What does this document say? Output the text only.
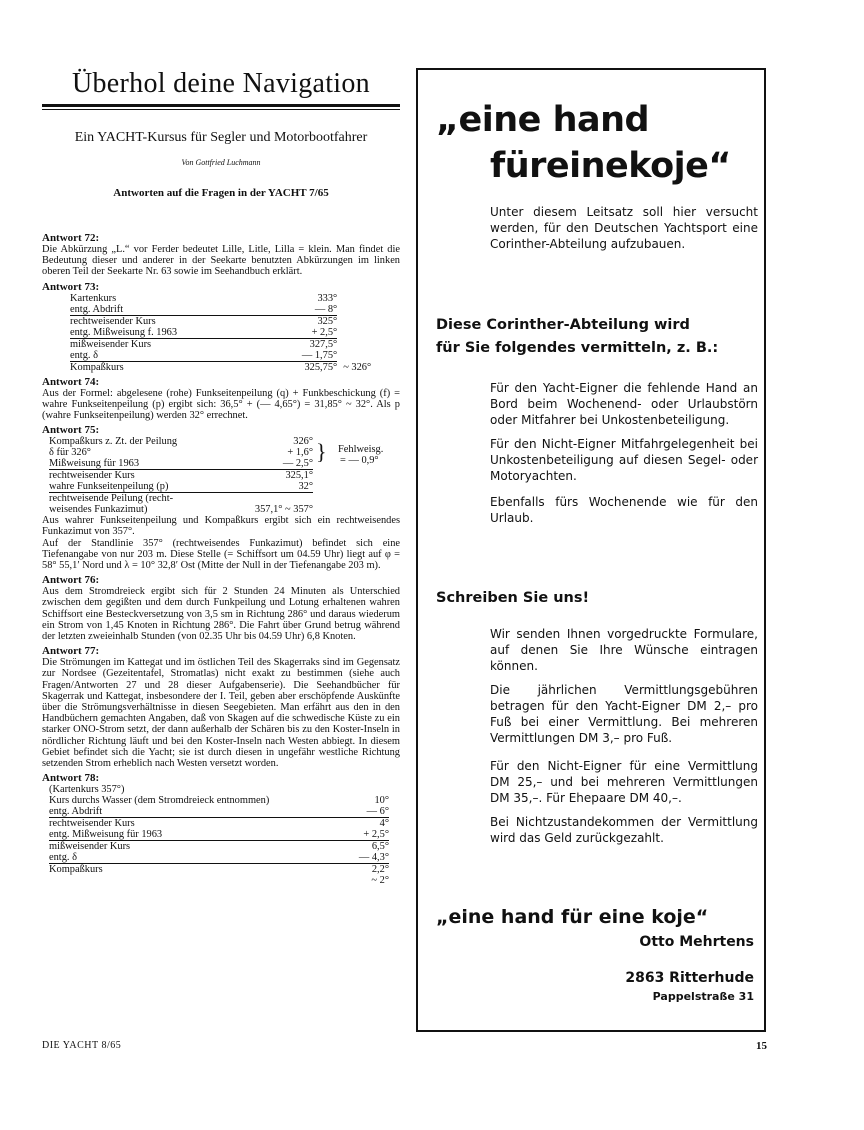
Überhol deine Navigation
Ein YACHT-Kursus für Segler und Motorbootfahrer
Von Gottfried Luchmann
Antworten auf die Fragen in der YACHT 7/65
Antwort 72:
Die Abkürzung „L.“ vor Ferder bedeutet Lille, Litle, Lilla = klein. Man findet die Bedeutung dieser und anderer in der Seekarte benutzten Abkürzungen im linken oberen Teil der Seekarte Nr. 63 sowie im Seehandbuch erklärt.
Antwort 73:
Kartenkurs	333°	
entg. Abdrift	— 8°	
rechtweisender Kurs	325°	
entg. Mißweisung f. 1963	+ 2,5°	
mißweisender Kurs	327,5°	
entg. δ	— 1,75°	
Kompaßkurs	325,75°	~ 326°
Antwort 74:
Aus der Formel: abgelesene (rohe) Funkseitenpeilung (q) + Funkbeschickung (f) = wahre Funkseitenpeilung (p) ergibt sich: 36,5° + (— 4,65°) = 31,85° ~ 32°. Als p (wahre Funkseitenpeilung) werden 32° errechnet.
Antwort 75:
Kompaßkurs z. Zt. der Peilung	326°
δ für 326°	+ 1,6°
Mißweisung für 1963	— 2,5°
rechtweisender Kurs	325,1°
wahre Funkseitenpeilung (p)	32°
rechtweisende Peilung (recht-	
weisendes Funkazimut)	357,1° ~ 357°
} Fehlweisg.
= — 0,9°
Aus wahrer Funkseitenpeilung und Kompaßkurs ergibt sich ein rechtweisendes Funkazimut von 357°.
Auf der Standlinie 357° (rechtweisendes Funkazimut) befindet sich eine Tiefenangabe von nur 203 m. Diese Stelle (= Schiffsort um 04.59 Uhr) liegt auf φ = 58° 55,1′ Nord und λ = 10° 32,8′ Ost (Mitte der Null in der Tiefenangabe 203 m).
Antwort 76:
Aus dem Stromdreieck ergibt sich für 2 Stunden 24 Minuten als Unterschied zwischen dem gegißten und dem durch Funkpeilung und Lotung erhaltenen wahren Schiffsort eine Besteckversetzung von 3,5 sm in Richtung 286° und daraus wiederum ein Strom von 1,45 Knoten in Richtung 286°. Die Fahrt über Grund betrug während der letzten zweieinhalb Stunden (von 02.35 Uhr bis 04.59 Uhr) 6,8 Knoten.
Antwort 77:
Die Strömungen im Kattegat und im östlichen Teil des Skagerraks sind im Gegensatz zur Nordsee (Gezeitentafel, Stromatlas) nicht exakt zu bestimmen (siehe auch Fragen/Antworten 27 und 28 dieser Aufgabenserie). Die Seehandbücher für Skagerrak und Kattegat, insbesondere der I. Teil, geben aber erschöpfende Auskünfte über die Strömungsverhältnisse in diesen Seegebieten. Man erfährt aus den in den Handbüchern gemachten Angaben, daß von Skagen auf die schwedische Küste zu ein starker ONO-Strom setzt, der dann außerhalb der Schären bis zu den Koster-Inseln in nördlicher Richtung läuft und bei den Koster-Inseln nach Westen abbiegt. In diesem Gebiet befindet sich die Yacht; sie ist durch diesen in ungefähr westliche Richtung setzenden Strom erheblich nach Westen versetzt worden.
Antwort 78:
(Kartenkurs 357°)	
Kurs durchs Wasser (dem Stromdreieck entnommen)	10°
entg. Abdrift	— 6°
rechtweisender Kurs	4°
entg. Mißweisung für 1963	+ 2,5°
mißweisender Kurs	6,5°
entg. δ	— 4,3°
Kompaßkurs	2,2°
	~ 2°
„eine hand
füreinekoje“
Unter diesem Leitsatz soll hier versucht werden, für den Deutschen Yachtsport eine Corinther-Abteilung aufzubauen.
Diese Corinther-Abteilung wird
für Sie folgendes vermitteln, z. B.:
Für den Yacht-Eigner die fehlende Hand an Bord beim Wochenend- oder Urlaubstörn oder Mitfahrer bei Unkostenbeteiligung.
Für den Nicht-Eigner Mitfahrgelegenheit bei Unkostenbeteiligung auf diesen Segel- oder Motoryachten.
Ebenfalls fürs Wochenende wie für den Urlaub.
Schreiben Sie uns!
Wir senden Ihnen vorgedruckte Formulare, auf denen Sie Ihre Wünsche eintragen können.
Die jährlichen Vermittlungsgebühren betragen für den Yacht-Eigner DM 2,– pro Fuß bei einer Vermittlung. Bei mehreren Vermittlungen DM 3,– pro Fuß.
Für den Nicht-Eigner für eine Vermittlung DM 25,– und bei mehreren Vermittlungen DM 35,–. Für Ehepaare DM 40,–.
Bei Nichtzustandekommen der Vermittlung wird das Geld zurückgezahlt.
„eine hand für eine koje“
Otto Mehrtens
2863 Ritterhude
Pappelstraße 31
DIE YACHT 8/65	15
